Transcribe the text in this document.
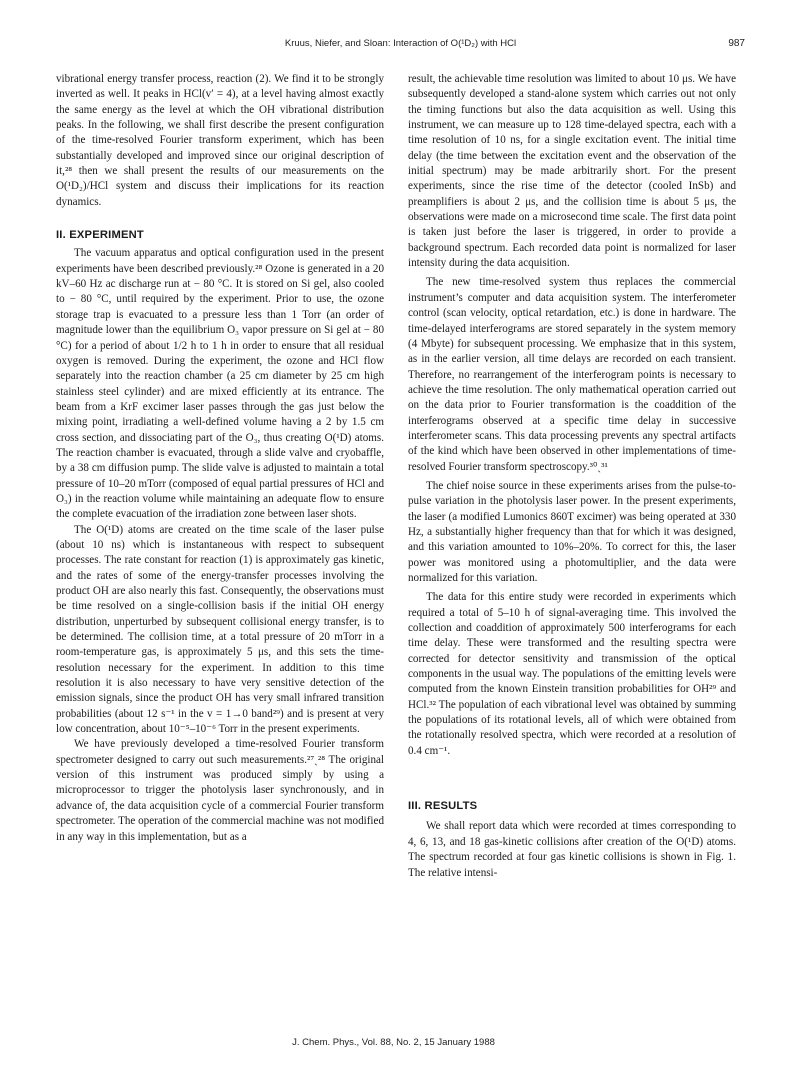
Kruus, Niefer, and Sloan: Interaction of O(¹D₂) with HCl	987

vibrational energy transfer process, reaction (2). We find it to be strongly inverted as well. It peaks in HCl(v′ = 4), at a level having almost exactly the same energy as the level at which the OH vibrational distribution peaks. In the following, we shall first describe the present configuration of the time-resolved Fourier transform experiment, which has been substantially developed and improved since our original description of it,²⁸ then we shall present the results of our measurements on the O(¹D₂)/HCl system and discuss their implications for its reaction dynamics.

II. EXPERIMENT

The vacuum apparatus and optical configuration used in the present experiments have been described previously.²⁸ Ozone is generated in a 20 kV–60 Hz ac discharge run at − 80 °C. It is stored on Si gel, also cooled to − 80 °C, until required by the experiment. Prior to use, the ozone storage trap is evacuated to a pressure less than 1 Torr (an order of magnitude lower than the equilibrium O₃ vapor pressure on Si gel at − 80 °C) for a period of about 1/2 h to 1 h in order to ensure that all residual oxygen is removed. During the experiment, the ozone and HCl flow separately into the reaction chamber (a 25 cm diameter by 25 cm high stainless steel cylinder) and are mixed efficiently at its entrance. The beam from a KrF excimer laser passes through the gas just below the mixing point, irradiating a well-defined volume having a 2 by 1.5 cm cross section, and dissociating part of the O₃, thus creating O(¹D) atoms. The reaction chamber is evacuated, through a slide valve and cryobaffle, by a 38 cm diffusion pump. The slide valve is adjusted to maintain a total pressure of 10–20 mTorr (composed of equal partial pressures of HCl and O₃) in the reaction volume while maintaining an adequate flow to ensure the complete evacuation of the irradiation zone between laser shots.

The O(¹D) atoms are created on the time scale of the laser pulse (about 10 ns) which is instantaneous with respect to subsequent processes. The rate constant for reaction (1) is approximately gas kinetic, and the rates of some of the energy-transfer processes involving the product OH are also nearly this fast. Consequently, the observations must be time resolved on a single-collision basis if the initial OH energy distribution, unperturbed by subsequent collisional energy transfer, is to be determined. The collision time, at a total pressure of 20 mTorr in a room-temperature gas, is approximately 5 μs, and this sets the time-resolution necessary for the experiment. In addition to this time resolution it is also necessary to have very sensitive detection of the emission signals, since the product OH has very small infrared transition probabilities (about 12 s⁻¹ in the v = 1→0 band²⁹) and is present at very low concentration, about 10⁻⁵–10⁻⁶ Torr in the present experiments.

We have previously developed a time-resolved Fourier transform spectrometer designed to carry out such measurements.²⁷ˎ²⁸ The original version of this instrument was produced simply by using a microprocessor to trigger the photolysis laser synchronously, and in advance of, the data acquisition cycle of a commercial Fourier transform spectrometer. The operation of the commercial machine was not modified in any way in this implementation, but as a

result, the achievable time resolution was limited to about 10 μs. We have subsequently developed a stand-alone system which carries out not only the timing functions but also the data acquisition as well. Using this instrument, we can measure up to 128 time-delayed spectra, each with a time resolution of 10 ns, for a single excitation event. The initial time delay (the time between the excitation event and the observation of the initial spectrum) may be made arbitrarily short. For the present experiments, since the rise time of the detector (cooled InSb) and preamplifiers is about 2 μs, and the collision time is about 5 μs, the observations were made on a microsecond time scale. The first data point is taken just before the laser is triggered, in order to provide a background spectrum. Each recorded data point is normalized for laser intensity during the data acquisition.

The new time-resolved system thus replaces the commercial instrument’s computer and data acquisition system. The interferometer control (scan velocity, optical retardation, etc.) is done in hardware. The time-delayed interferograms are stored separately in the system memory (4 Mbyte) for subsequent processing. We emphasize that in this system, as in the earlier version, all time delays are recorded on each transient. Therefore, no rearrangement of the interferogram points is necessary to achieve the time resolution. The only mathematical operation carried out on the data prior to Fourier transformation is the coaddition of the interferograms observed at a specific time delay in successive interferometer scans. This data processing prevents any spectral artifacts of the kind which have been observed in other implementations of time-resolved Fourier transform spectroscopy.³⁰ˎ³¹

The chief noise source in these experiments arises from the pulse-to-pulse variation in the photolysis laser power. In the present experiments, the laser (a modified Lumonics 860T excimer) was being operated at 330 Hz, a substantially higher frequency than that for which it was designed, and this variation amounted to 10%–20%. To correct for this, the laser power was monitored using a photomultiplier, and the data were normalized for this variation.

The data for this entire study were recorded in experiments which required a total of 5–10 h of signal-averaging time. This involved the collection and coaddition of approximately 500 interferograms for each time delay. These were transformed and the resulting spectra were corrected for detector sensitivity and transmission of the optical components in the usual way. The populations of the emitting levels were computed from the known Einstein transition probabilities for OH²⁹ and HCl.³² The population of each vibrational level was obtained by summing the populations of its rotational levels, all of which were obtained from the rotationally resolved spectra, which were recorded at a resolution of 0.4 cm⁻¹.

III. RESULTS

We shall report data which were recorded at times corresponding to 4, 6, 13, and 18 gas-kinetic collisions after creation of the O(¹D) atoms. The spectrum recorded at four gas kinetic collisions is shown in Fig. 1. The relative intensi-

J. Chem. Phys., Vol. 88, No. 2, 15 January 1988
